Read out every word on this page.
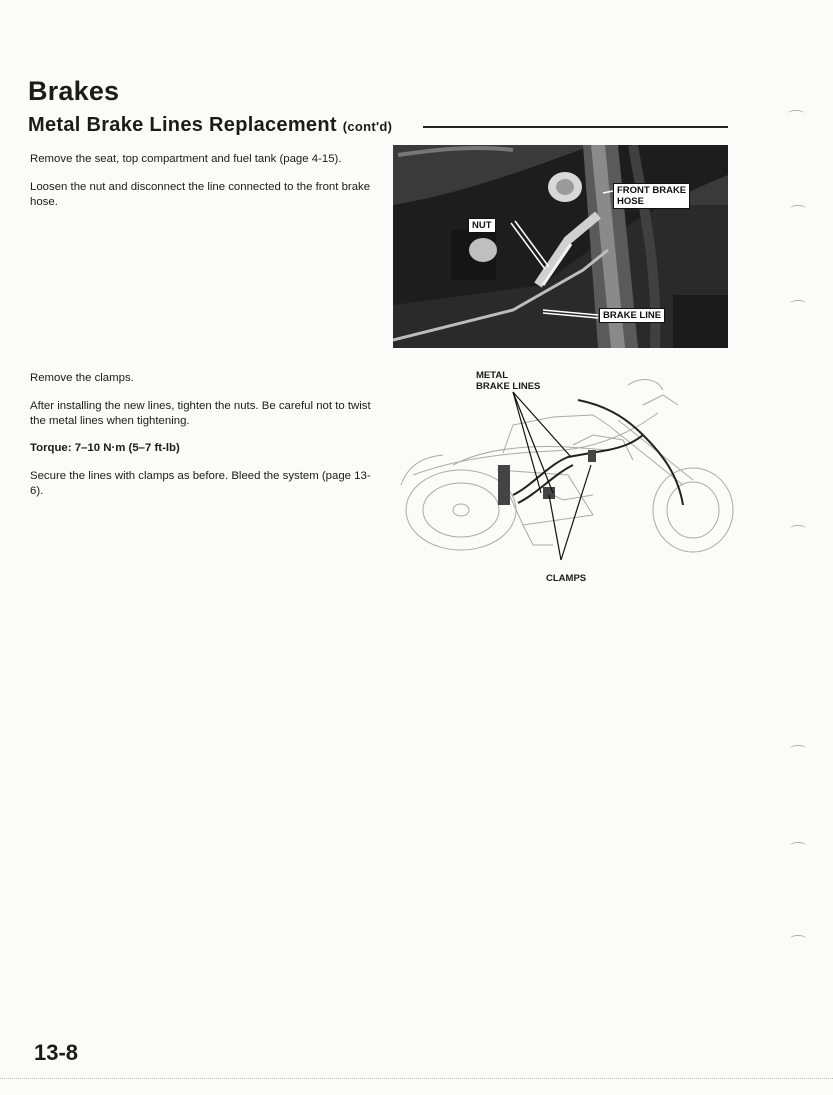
Brakes
Metal Brake Lines Replacement (cont'd)

Remove the seat, top compartment and fuel tank (page 4-15).

Loosen the nut and disconnect the line connected to the front brake hose.

FRONT BRAKE
HOSE
NUT
BRAKE LINE

Remove the clamps.

After installing the new lines, tighten the nuts. Be careful not to twist the metal lines when tightening.

Torque: 7–10 N·m (5–7 ft-lb)

Secure the lines with clamps as before. Bleed the system (page 13-6).

METAL
BRAKE LINES
CLAMPS
13-8
